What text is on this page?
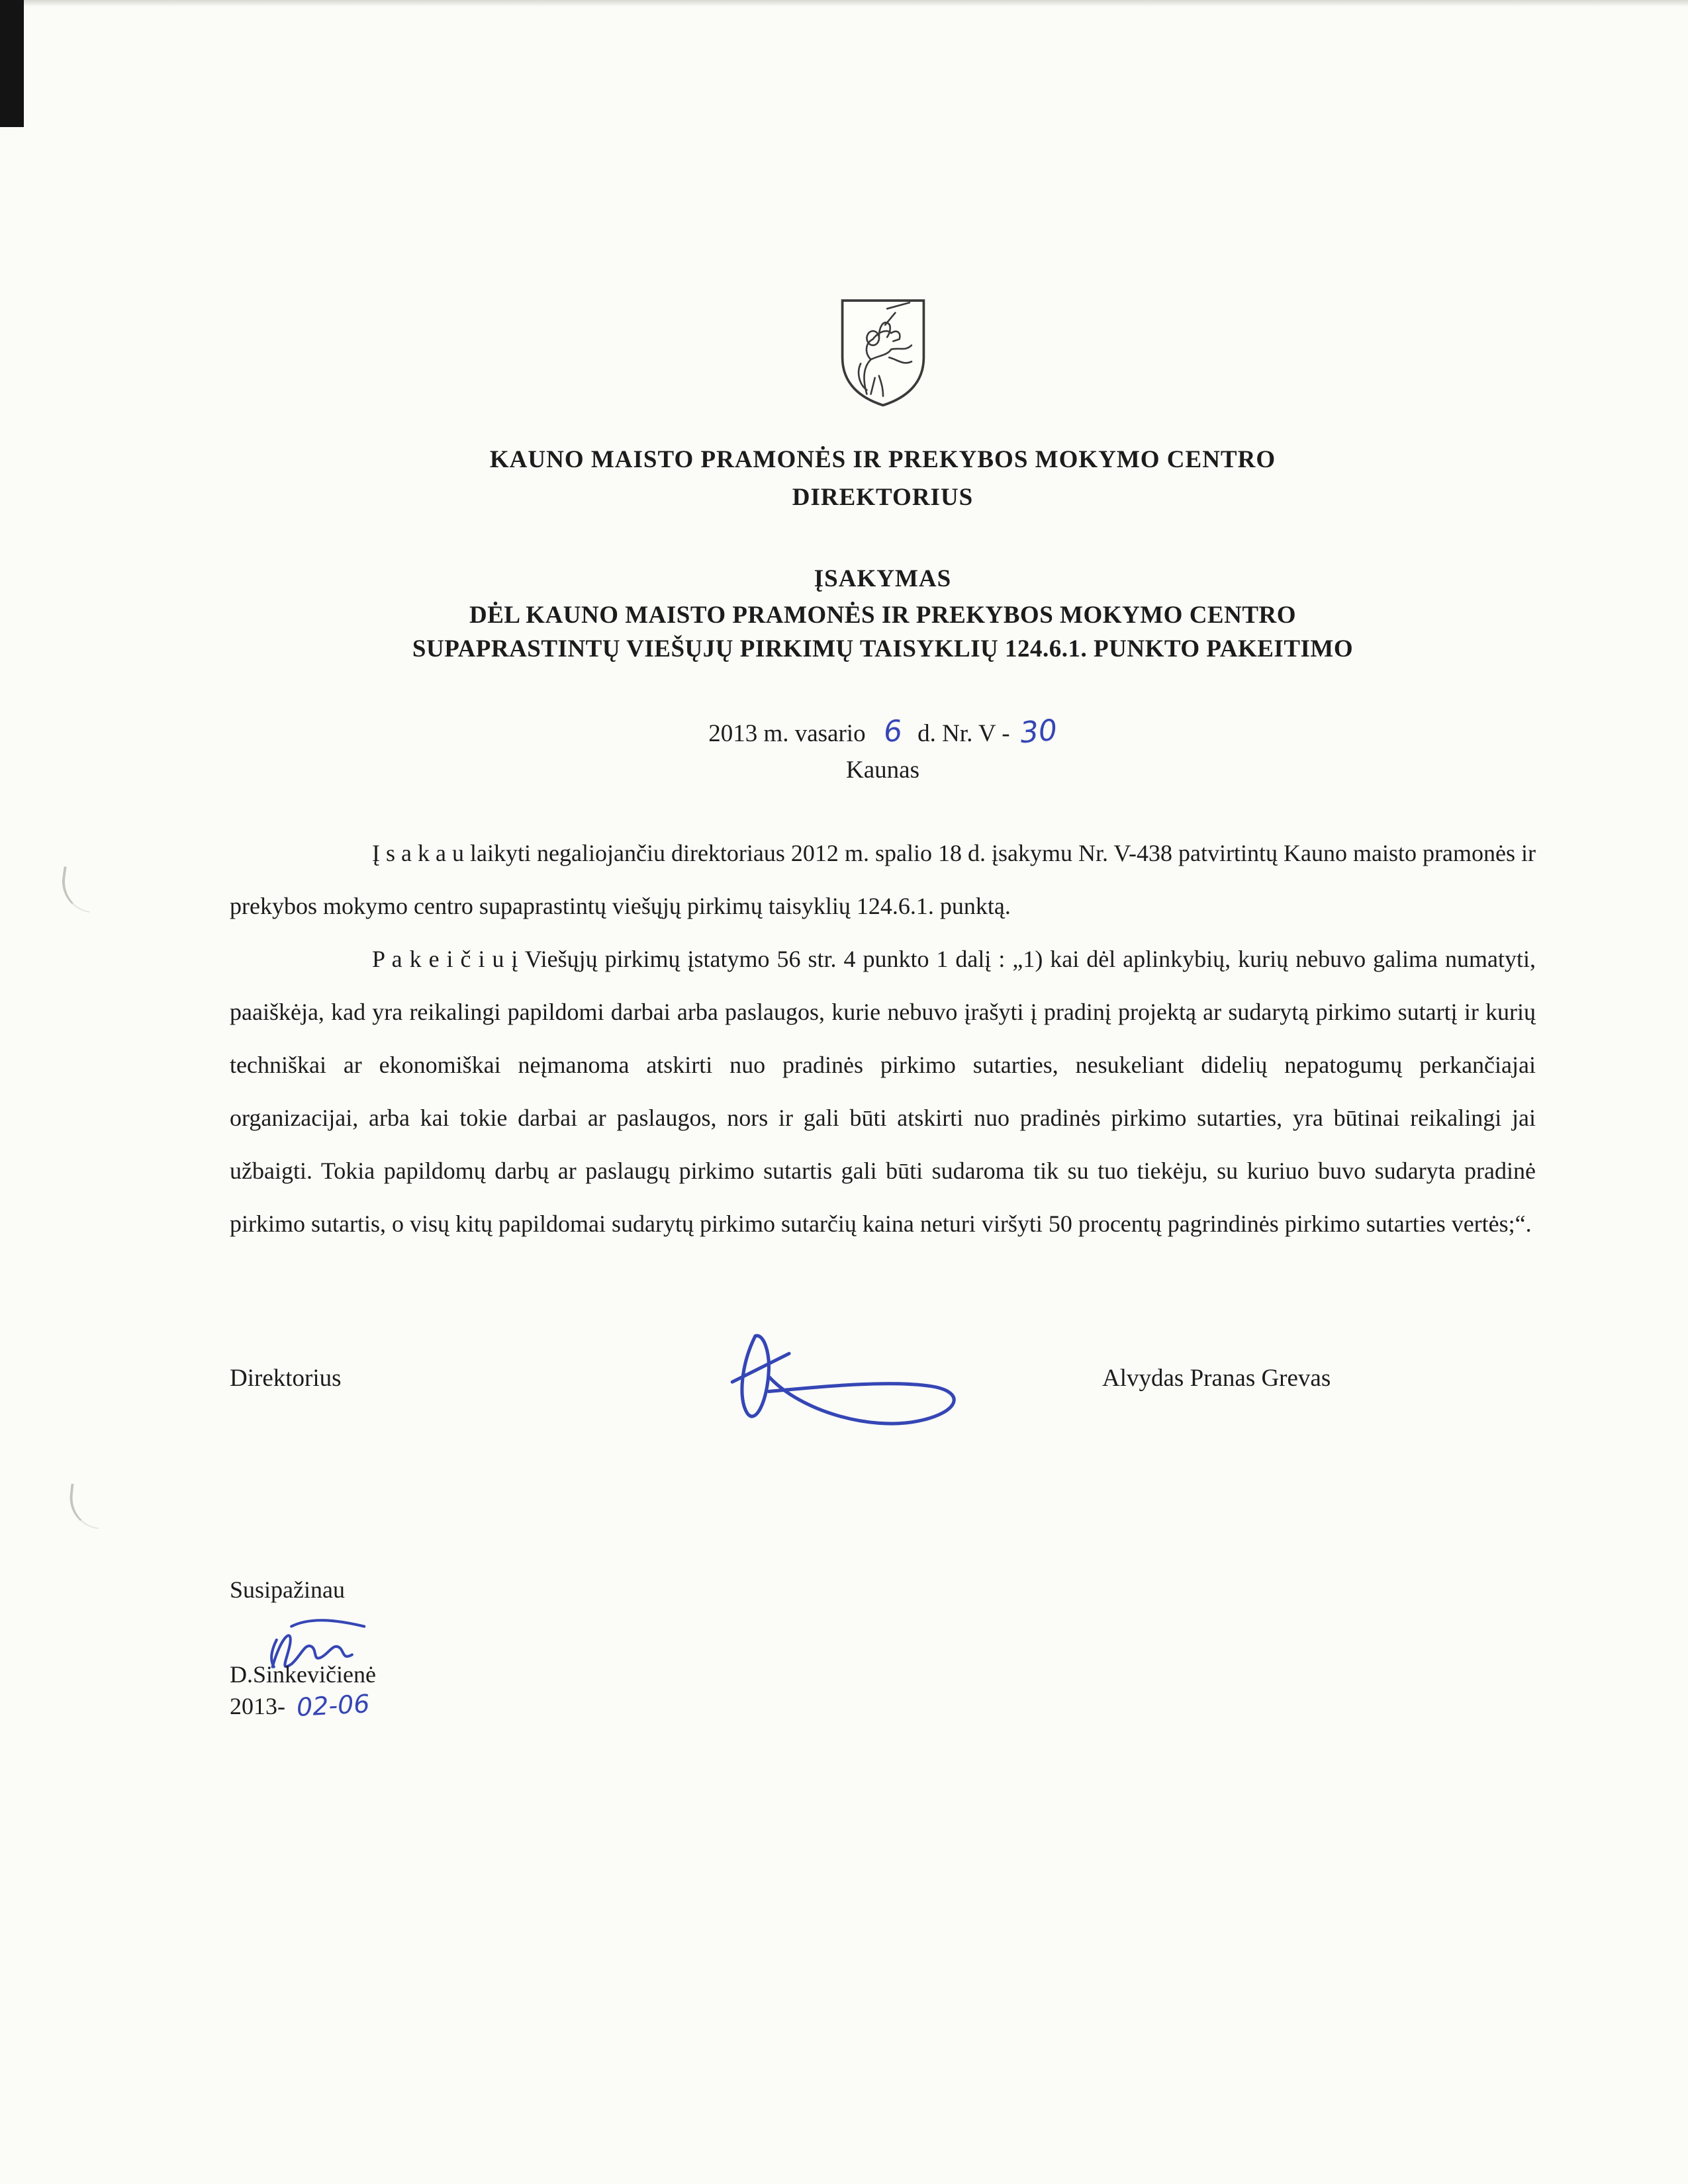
KAUNO MAISTO PRAMONĖS IR PREKYBOS MOKYMO CENTRO
DIREKTORIUS
ĮSAKYMAS
DĖL KAUNO MAISTO PRAMONĖS IR PREKYBOS MOKYMO CENTRO
SUPAPRASTINTŲ VIEŠŲJŲ PIRKIMŲ TAISYKLIŲ 124.6.1. PUNKTO PAKEITIMO
2013 m. vasario 6 d. Nr. V - 30
Kaunas

Į s a k a u laikyti negaliojančiu direktoriaus 2012 m. spalio 18 d. įsakymu Nr. V-438 patvirtintų Kauno maisto pramonės ir prekybos mokymo centro supaprastintų viešųjų pirkimų taisyklių 124.6.1. punktą.

P a k e i č i u į Viešųjų pirkimų įstatymo 56 str. 4 punkto 1 dalį : „1) kai dėl aplinkybių, kurių nebuvo galima numatyti, paaiškėja, kad yra reikalingi papildomi darbai arba paslaugos, kurie nebuvo įrašyti į pradinį projektą ar sudarytą pirkimo sutartį ir kurių techniškai ar ekonomiškai neįmanoma atskirti nuo pradinės pirkimo sutarties, nesukeliant didelių nepatogumų perkančiajai organizacijai, arba kai tokie darbai ar paslaugos, nors ir gali būti atskirti nuo pradinės pirkimo sutarties, yra būtinai reikalingi jai užbaigti. Tokia papildomų darbų ar paslaugų pirkimo sutartis gali būti sudaroma tik su tuo tiekėju, su kuriuo buvo sudaryta pradinė pirkimo sutartis, o visų kitų papildomai sudarytų pirkimo sutarčių kaina neturi viršyti 50 procentų pagrindinės pirkimo sutarties vertės;“.

Direktorius	Alvydas Pranas Grevas
Susipažinau
D.Sinkevičienė
2013- 02-06
